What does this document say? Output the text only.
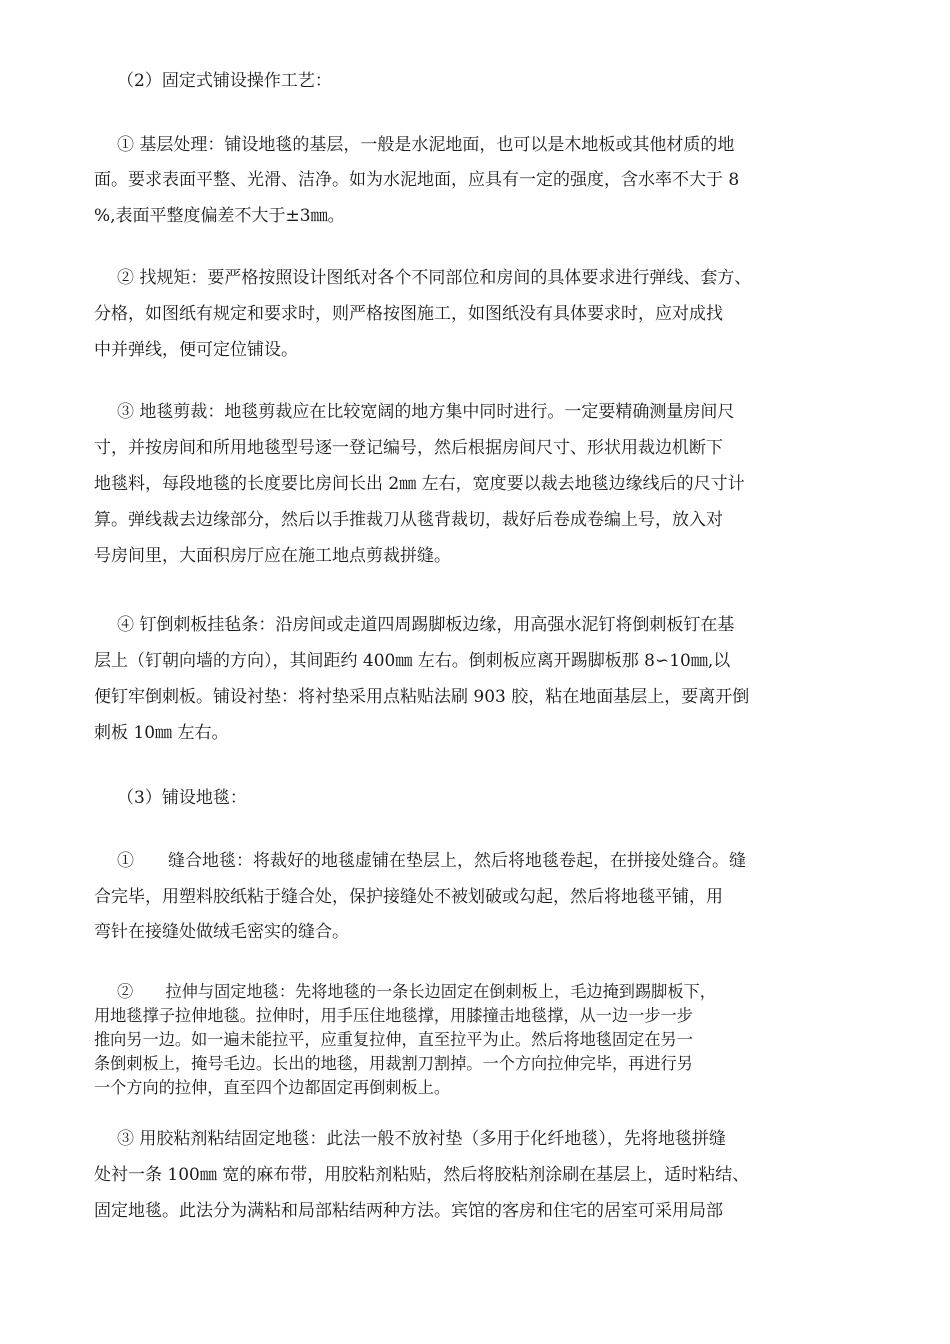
（2）固定式铺设操作工艺：
① 基层处理：铺设地毯的基层，一般是水泥地面，也可以是木地板或其他材质的地
面。要求表面平整、光滑、洁净。如为水泥地面，应具有一定的强度，含水率不大于 8
%,表面平整度偏差不大于±3㎜。
② 找规矩：要严格按照设计图纸对各个不同部位和房间的具体要求进行弹线、套方、
分格，如图纸有规定和要求时，则严格按图施工，如图纸没有具体要求时，应对成找
中并弹线，便可定位铺设。
③ 地毯剪裁：地毯剪裁应在比较宽阔的地方集中同时进行。一定要精确测量房间尺
寸，并按房间和所用地毯型号逐一登记编号，然后根据房间尺寸、形状用裁边机断下
地毯料，每段地毯的长度要比房间长出 2㎜ 左右，宽度要以裁去地毯边缘线后的尺寸计
算。弹线裁去边缘部分，然后以手推裁刀从毯背裁切，裁好后卷成卷编上号，放入对
号房间里，大面积房厅应在施工地点剪裁拼缝。
④ 钉倒刺板挂毡条：沿房间或走道四周踢脚板边缘，用高强水泥钉将倒刺板钉在基
层上（钉朝向墙的方向），其间距约 400㎜ 左右。倒刺板应离开踢脚板那 8∽10㎜,以
便钉牢倒刺板。铺设衬垫：将衬垫采用点粘贴法刷 903 胶，粘在地面基层上，要离开倒
刺板 10㎜ 左右。
（3）铺设地毯：
①　　缝合地毯：将裁好的地毯虚铺在垫层上，然后将地毯卷起，在拼接处缝合。缝
合完毕，用塑料胶纸粘于缝合处，保护接缝处不被划破或勾起，然后将地毯平铺，用
弯针在接缝处做绒毛密实的缝合。
②　　拉伸与固定地毯：先将地毯的一条长边固定在倒刺板上，毛边掩到踢脚板下，
用地毯撑子拉伸地毯。拉伸时，用手压住地毯撑，用膝撞击地毯撑，从一边一步一步
推向另一边。如一遍未能拉平，应重复拉伸，直至拉平为止。然后将地毯固定在另一
条倒刺板上，掩号毛边。长出的地毯，用裁割刀割掉。一个方向拉伸完毕，再进行另
一个方向的拉伸，直至四个边都固定再倒刺板上。
③ 用胶粘剂粘结固定地毯：此法一般不放衬垫（多用于化纤地毯），先将地毯拼缝
处衬一条 100㎜ 宽的麻布带，用胶粘剂粘贴，然后将胶粘剂涂刷在基层上，适时粘结、
固定地毯。此法分为满粘和局部粘结两种方法。宾馆的客房和住宅的居室可采用局部
